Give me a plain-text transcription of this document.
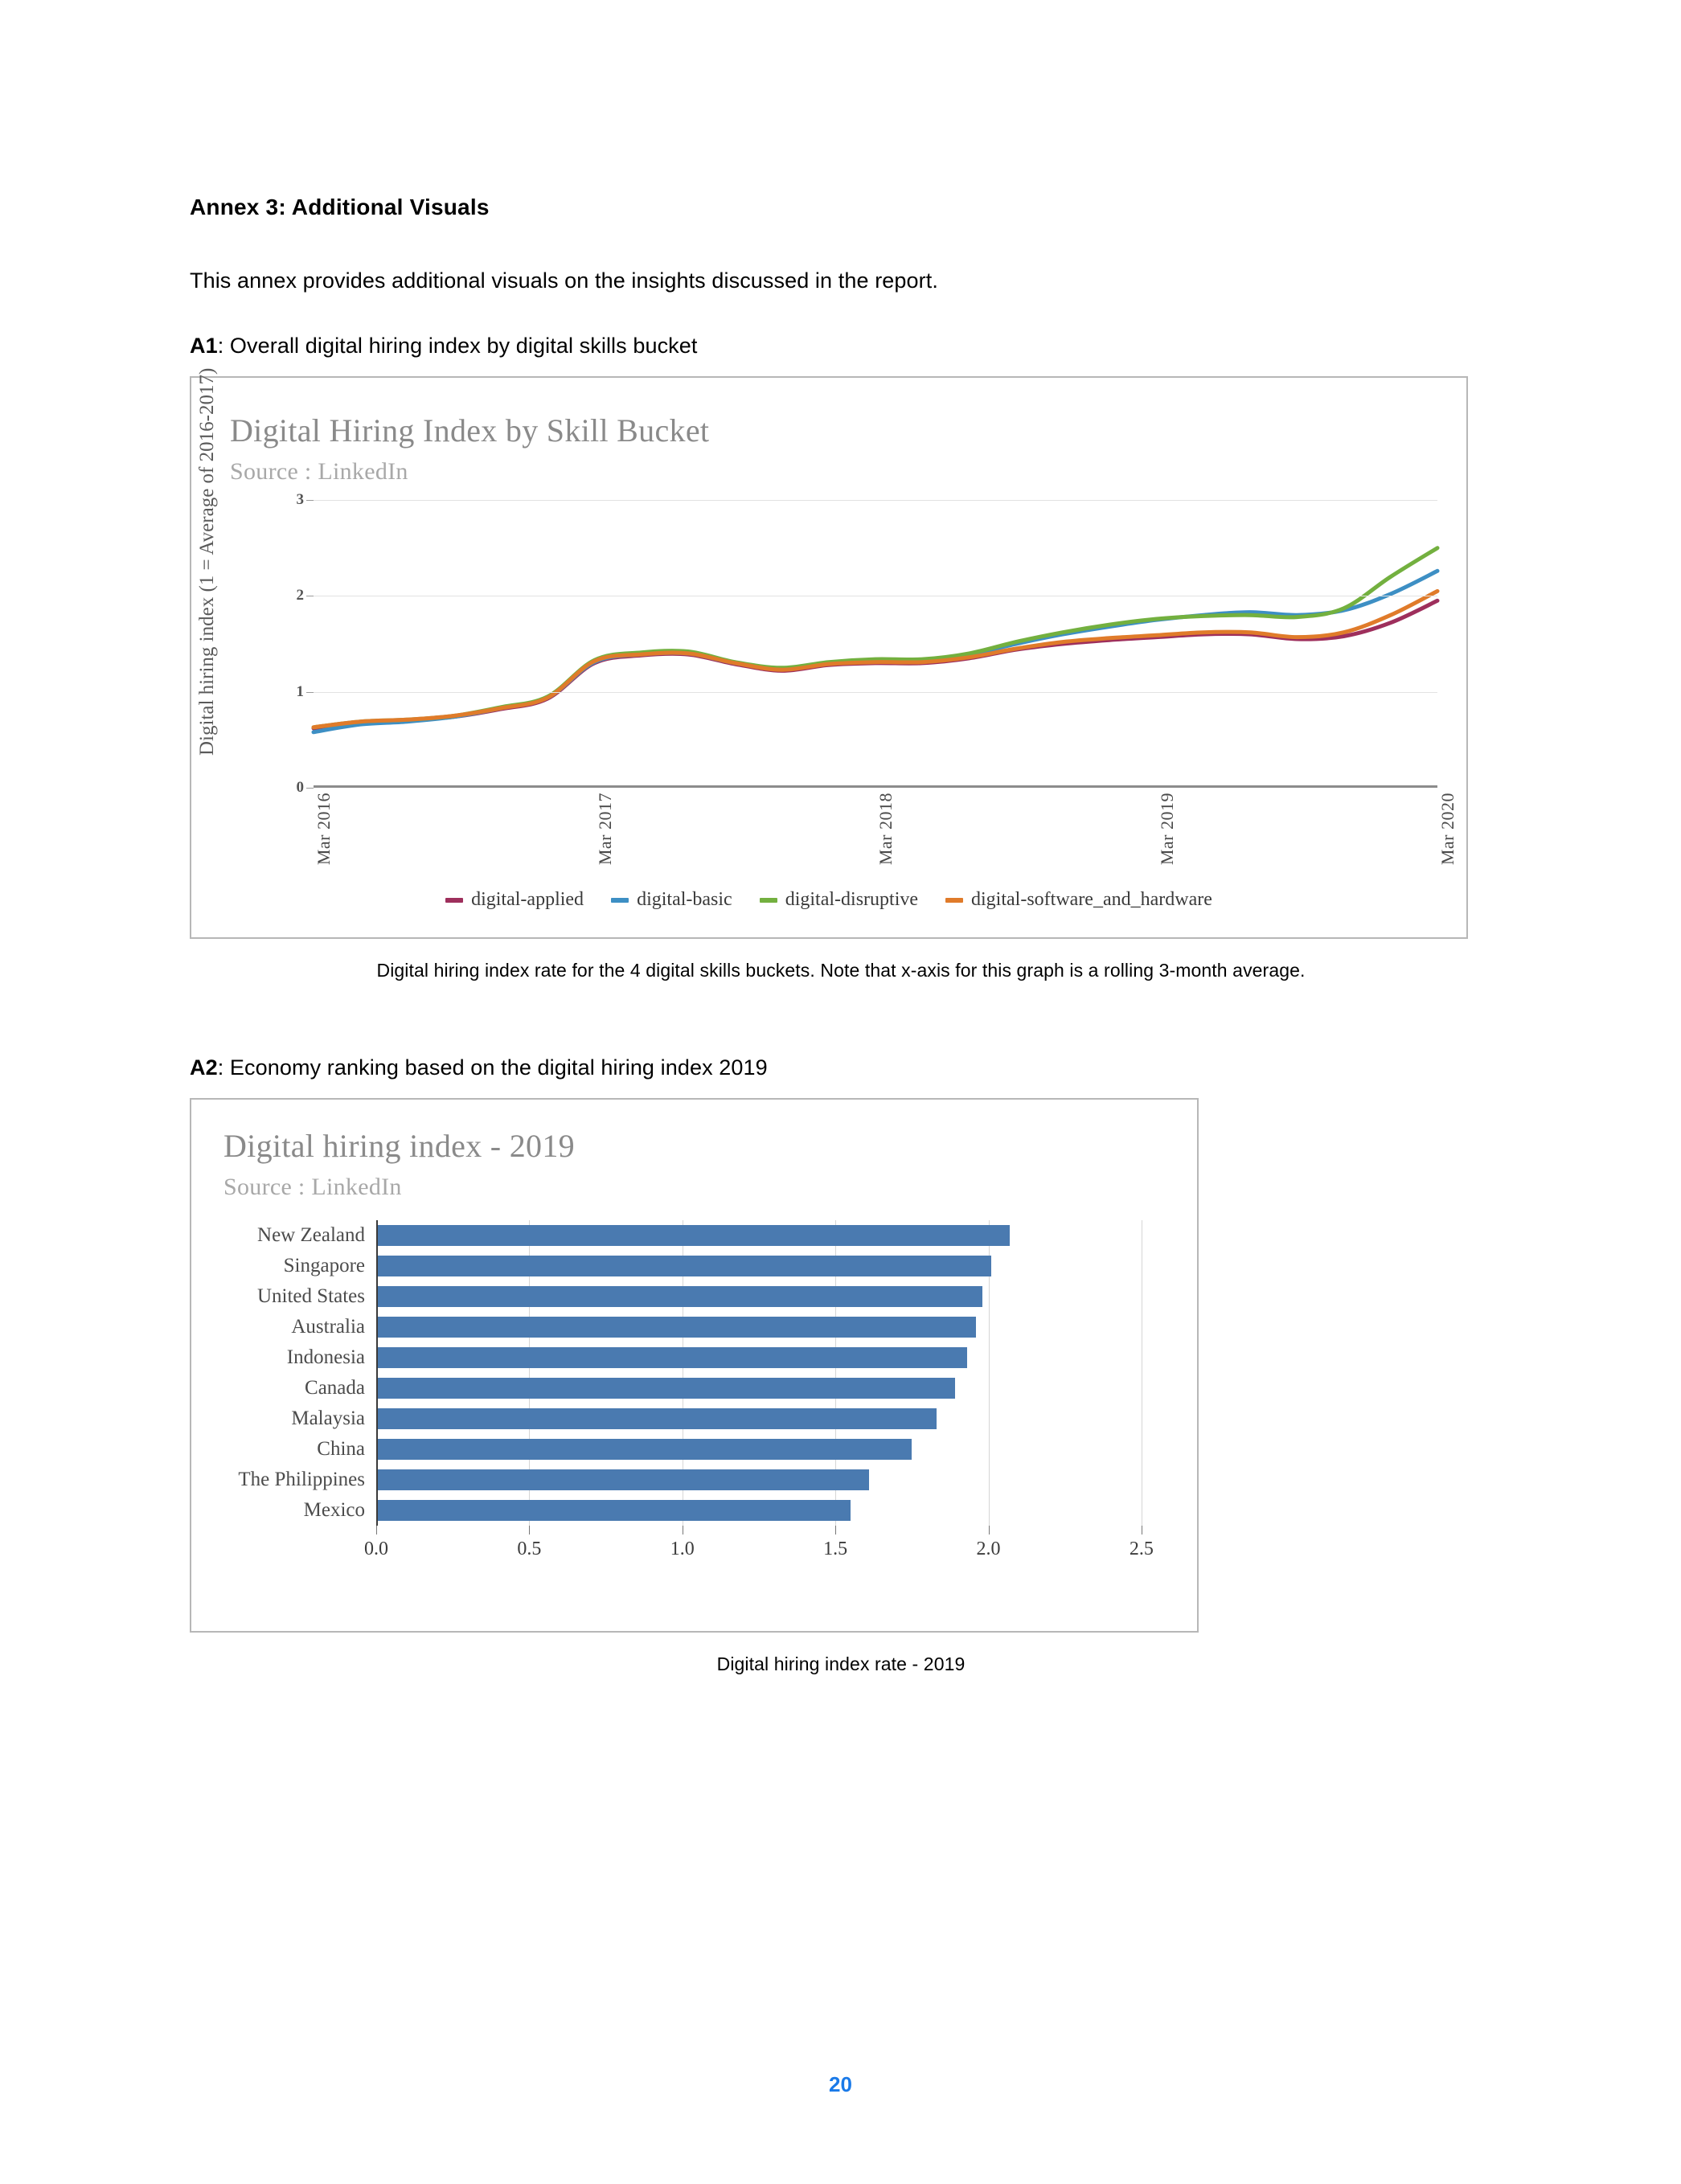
Annex 3: Additional Visuals

This annex provides additional visuals on the insights discussed in the report.

A1: Overall digital hiring index by digital skills bucket

Digital Hiring Index by Skill Bucket
Source : LinkedIn
Digital hiring index (1 = Average of 2016-2017)
0
1
2
3
Mar 2016	Mar 2017	Mar 2018	Mar 2019	Mar 2020
digital-applied	digital-basic	digital-disruptive	digital-software_and_hardware

Digital hiring index rate for the 4 digital skills buckets. Note that x-axis for this graph is a rolling 3-month average.

A2: Economy ranking based on the digital hiring index 2019

Digital hiring index - 2019
Source : LinkedIn
New Zealand
Singapore
United States
Australia
Indonesia
Canada
Malaysia
China
The Philippines
Mexico
0.0	0.5	1.0	1.5	2.0	2.5

Digital hiring index rate - 2019

20
